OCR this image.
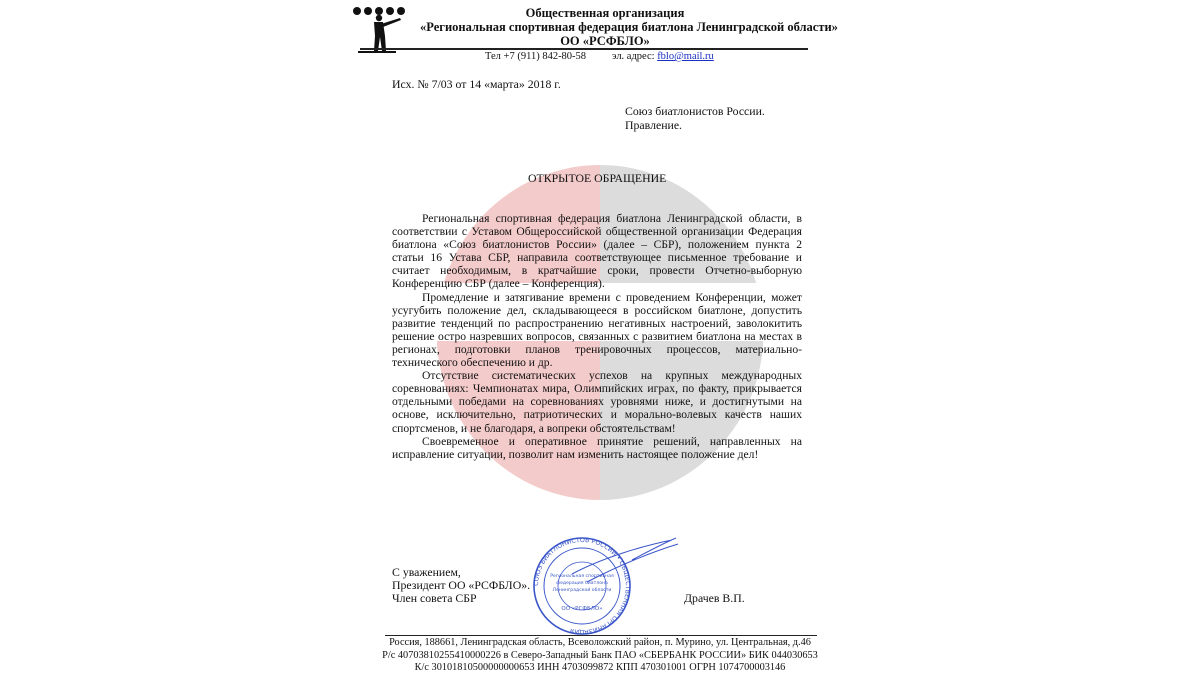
Общественная организация
«Региональная спортивная федерация биатлона Ленинградской области»
ОО «РСФБЛО»
Тел +7 (911) 842-80-58 эл. адрес: fblo@mail.ru
Исх. № 7/03 от 14 «марта» 2018 г.
Союз биатлонистов России.
Правление.
ОТКРЫТОЕ ОБРАЩЕНИЕ

Региональная спортивная федерация биатлона Ленинградской области, в соответствии с Уставом Общероссийской общественной организации Федерация биатлона «Союз биатлонистов России» (далее – СБР), положением пункта 2 статьи 16 Устава СБР, направила соответствующее письменное требование и считает необходимым, в кратчайшие сроки, провести Отчетно-выборную Конференцию СБР (далее – Конференция).

Промедление и затягивание времени с проведением Конференции, может усугубить положение дел, складывающееся в российском биатлоне, допустить развитие тенденций по распространению негативных настроений, заволокитить решение остро назревших вопросов, связанных с развитием биатлона на местах в регионах, подготовки планов тренировочных процессов, материально-технического обеспечению и др.

Отсутствие систематических успехов на крупных международных соревнованиях: Чемпионатах мира, Олимпийских играх, по факту, прикрывается отдельными победами на соревнованиях уровнями ниже, и достигнутыми на основе, исключительно, патриотических и морально-волевых качеств наших спортсменов, и не благодаря, а вопреки обстоятельствам!

Своевременное и оперативное принятие решений, направленных на исправление ситуации, позволит нам изменить настоящее положение дел!

С уважением,
Президент ОО «РСФБЛО».
Член совета СБР	Драчев В.П.
СОЮЗ БИАТЛОНИСТОВ РОССИИ • ОБЩЕСТВЕННАЯ ОРГАНИЗАЦИЯ
Региональная спортивная
федерация биатлона
Ленинградской области
ОО «РСФБЛО»
Россия, 188661, Ленинградская область, Всеволожский район, п. Мурино, ул. Центральная, д.46
Р/с 40703810255410000226 в Северо-Западный Банк ПАО «СБЕРБАНК РОССИИ» БИК 044030653
К/с 30101810500000000653 ИНН 4703099872 КПП 470301001 ОГРН 1074700003146
